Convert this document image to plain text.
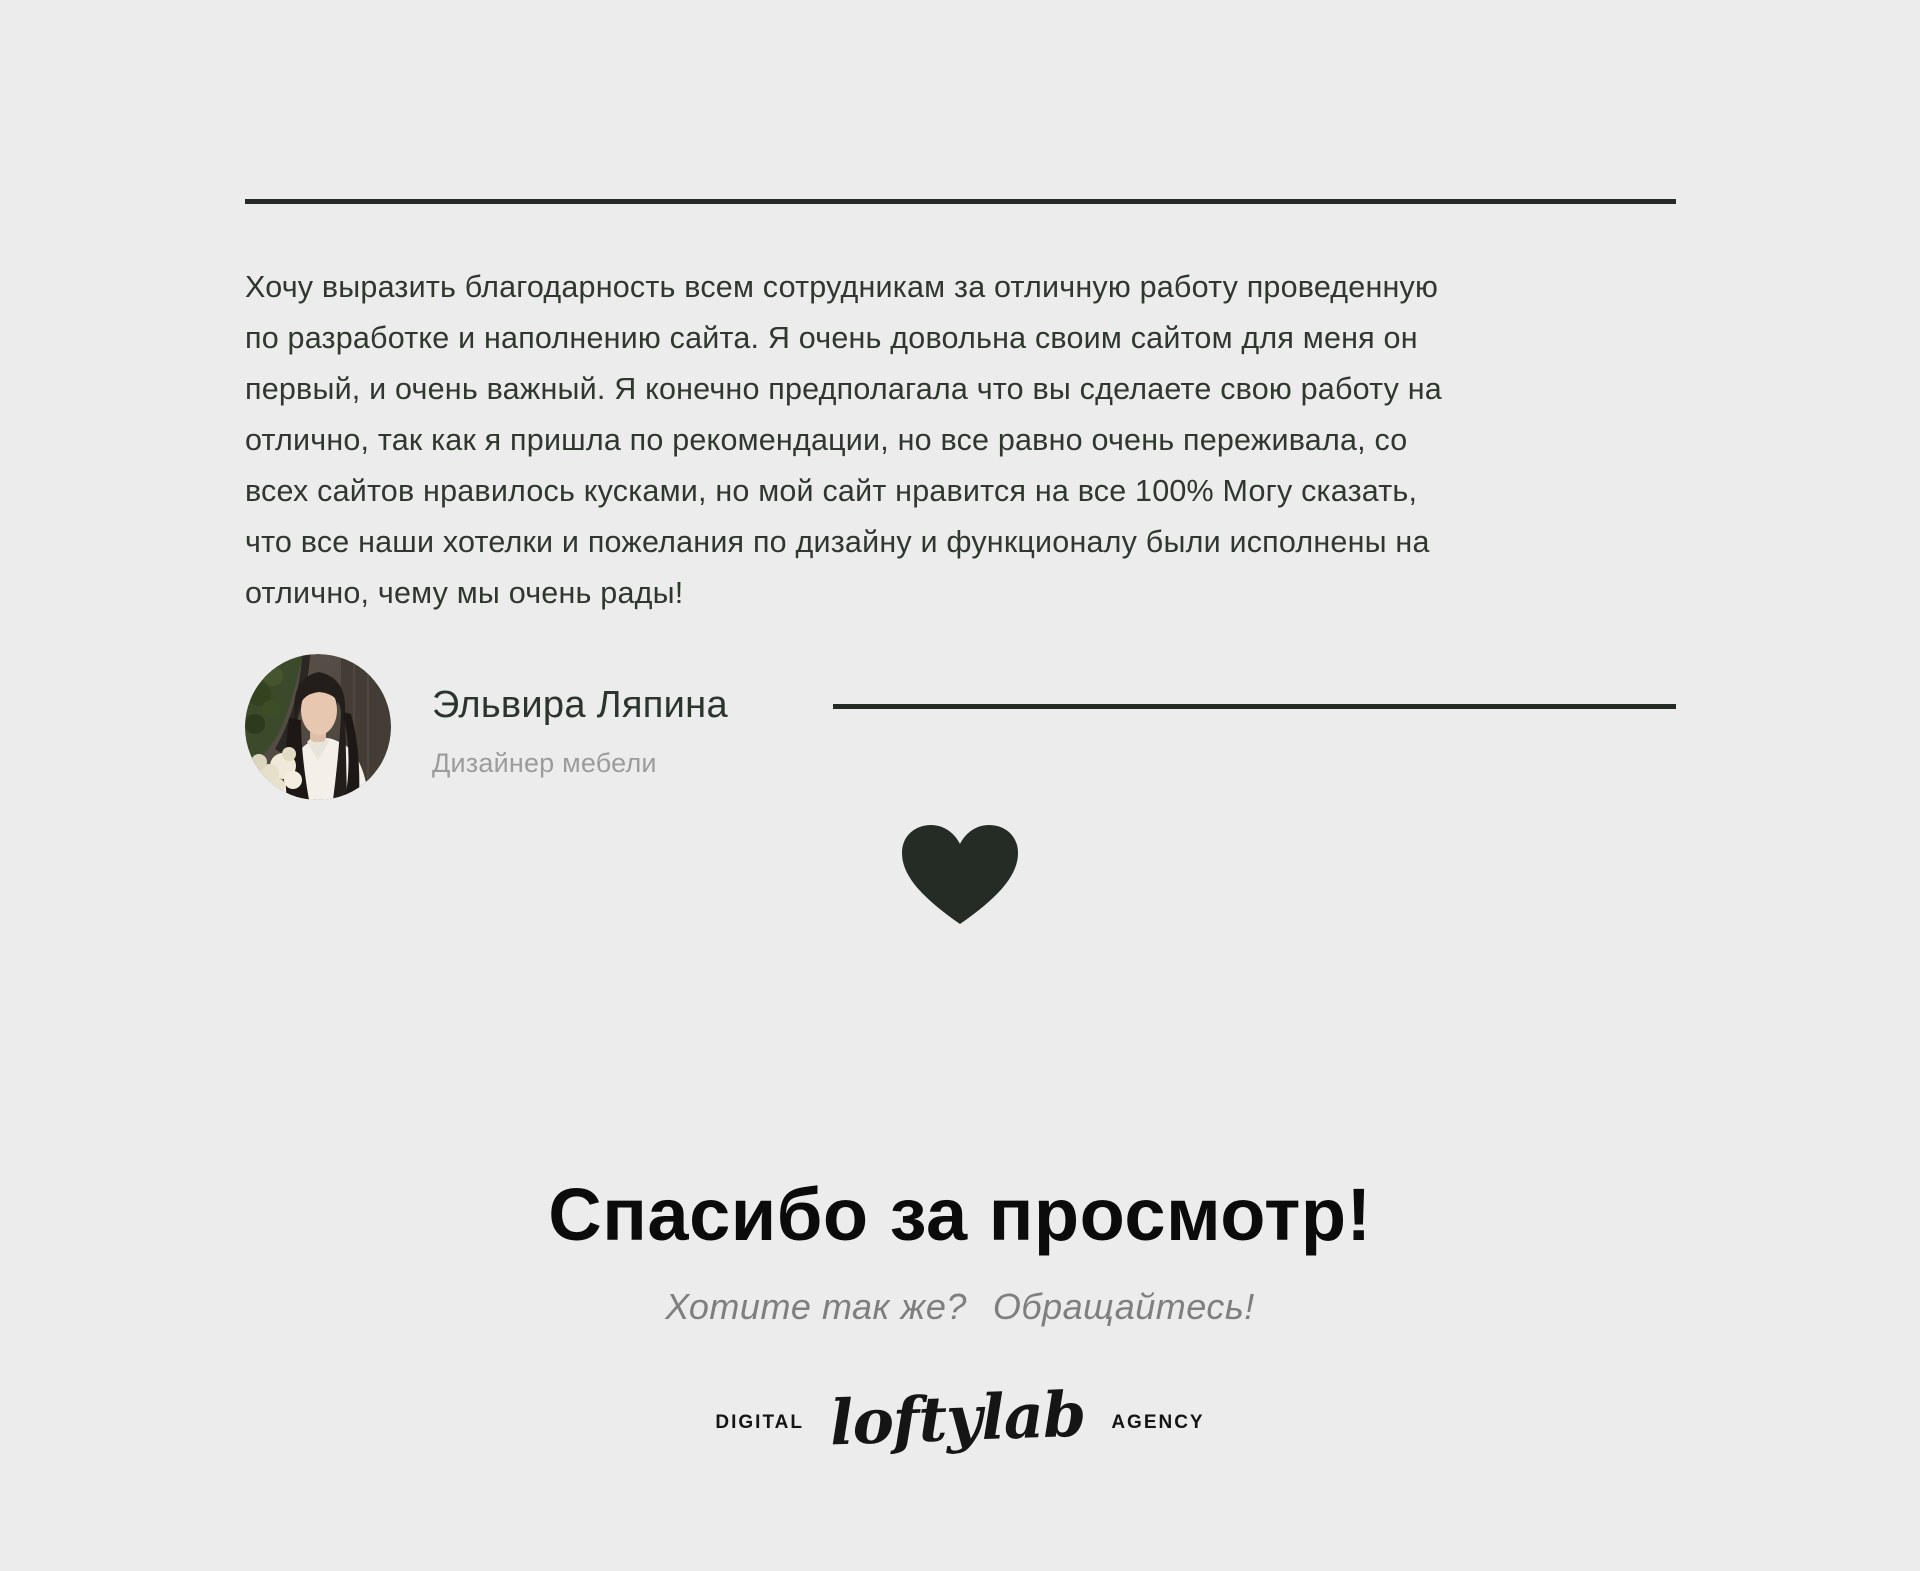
Хочу выразить благодарность всем сотрудникам за отличную работу проведенную
по разработке и наполнению сайта. Я очень довольна своим сайтом для меня он
первый, и очень важный. Я конечно предполагала что вы сделаете свою работу на
отлично, так как я пришла по рекомендации, но все равно очень переживала, со
всех сайтов нравилось кусками, но мой сайт нравится на все 100% Могу сказать,
что все наши хотелки и пожелания по дизайну и функционалу были исполнены на
отлично, чему мы очень рады!
Эльвира Ляпина
Дизайнер мебели
Спасибо за просмотр!
Хотите так же? Обращайтесь!
DIGITAL loftylab AGENCY
